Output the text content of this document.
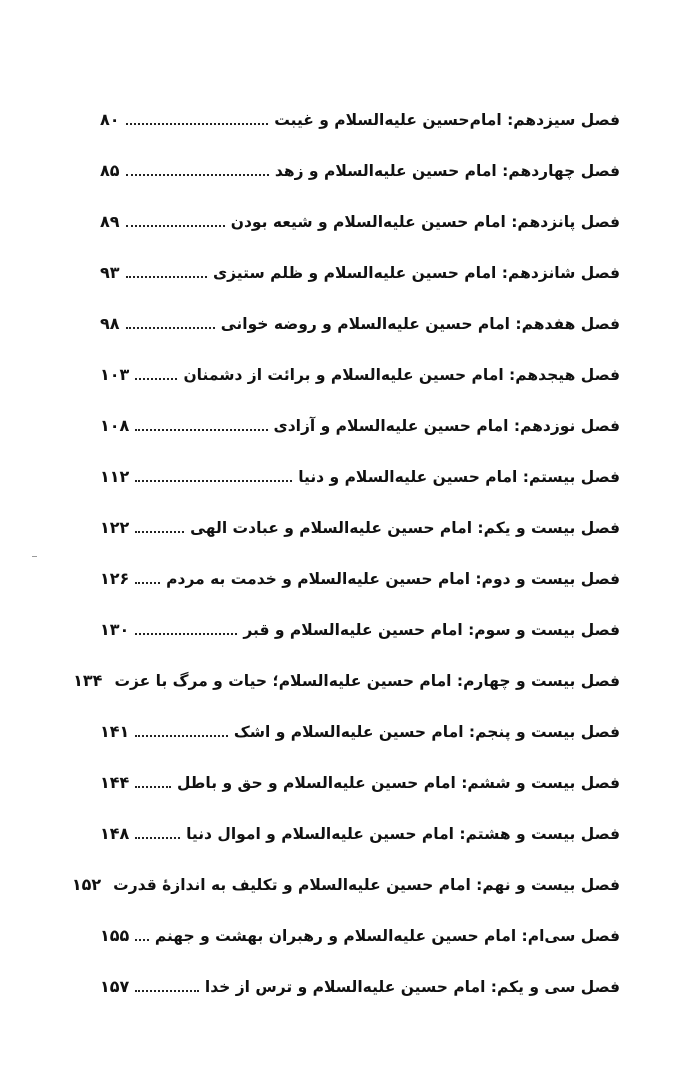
فصل سیزدهم: امام‌حسین علیه‌السلام و غیبت
۸۰
فصل چهاردهم: امام حسین علیه‌السلام و زهد
۸۵
فصل پانزدهم: امام حسین علیه‌السلام و شیعه بودن
۸۹
فصل شانزدهم: امام حسین علیه‌السلام و ظلم ستیزی
۹۳
فصل هفدهم: امام حسین علیه‌السلام و روضه خوانی
۹۸
فصل هیجدهم: امام حسین علیه‌السلام و برائت از دشمنان
۱۰۳
فصل نوزدهم: امام حسین علیه‌السلام و آزادی
۱۰۸
فصل بیستم: امام حسین علیه‌السلام و دنیا
۱۱۲
فصل بیست و یکم: امام حسین علیه‌السلام و عبادت الهی
۱۲۲
فصل بیست و دوم: امام حسین علیه‌السلام و خدمت به مردم
۱۲۶
فصل بیست و سوم: امام حسین علیه‌السلام و قبر
۱۳۰
فصل بیست و چهارم: امام حسین علیه‌السلام؛ حیات و مرگ با عزت
۱۳۴
فصل بیست و پنجم: امام حسین علیه‌السلام و اشک
۱۴۱
فصل بیست و ششم: امام حسین علیه‌السلام و حق و باطل
۱۴۴
فصل بیست و هشتم: امام حسین علیه‌السلام و اموال دنیا
۱۴۸
فصل بیست و نهم: امام حسین علیه‌السلام و تکلیف به اندازهٔ قدرت
۱۵۲
فصل سی‌ام: امام حسین علیه‌السلام و رهبران بهشت و جهنم
۱۵۵
فصل سی و یکم: امام حسین علیه‌السلام و ترس از خدا
۱۵۷
